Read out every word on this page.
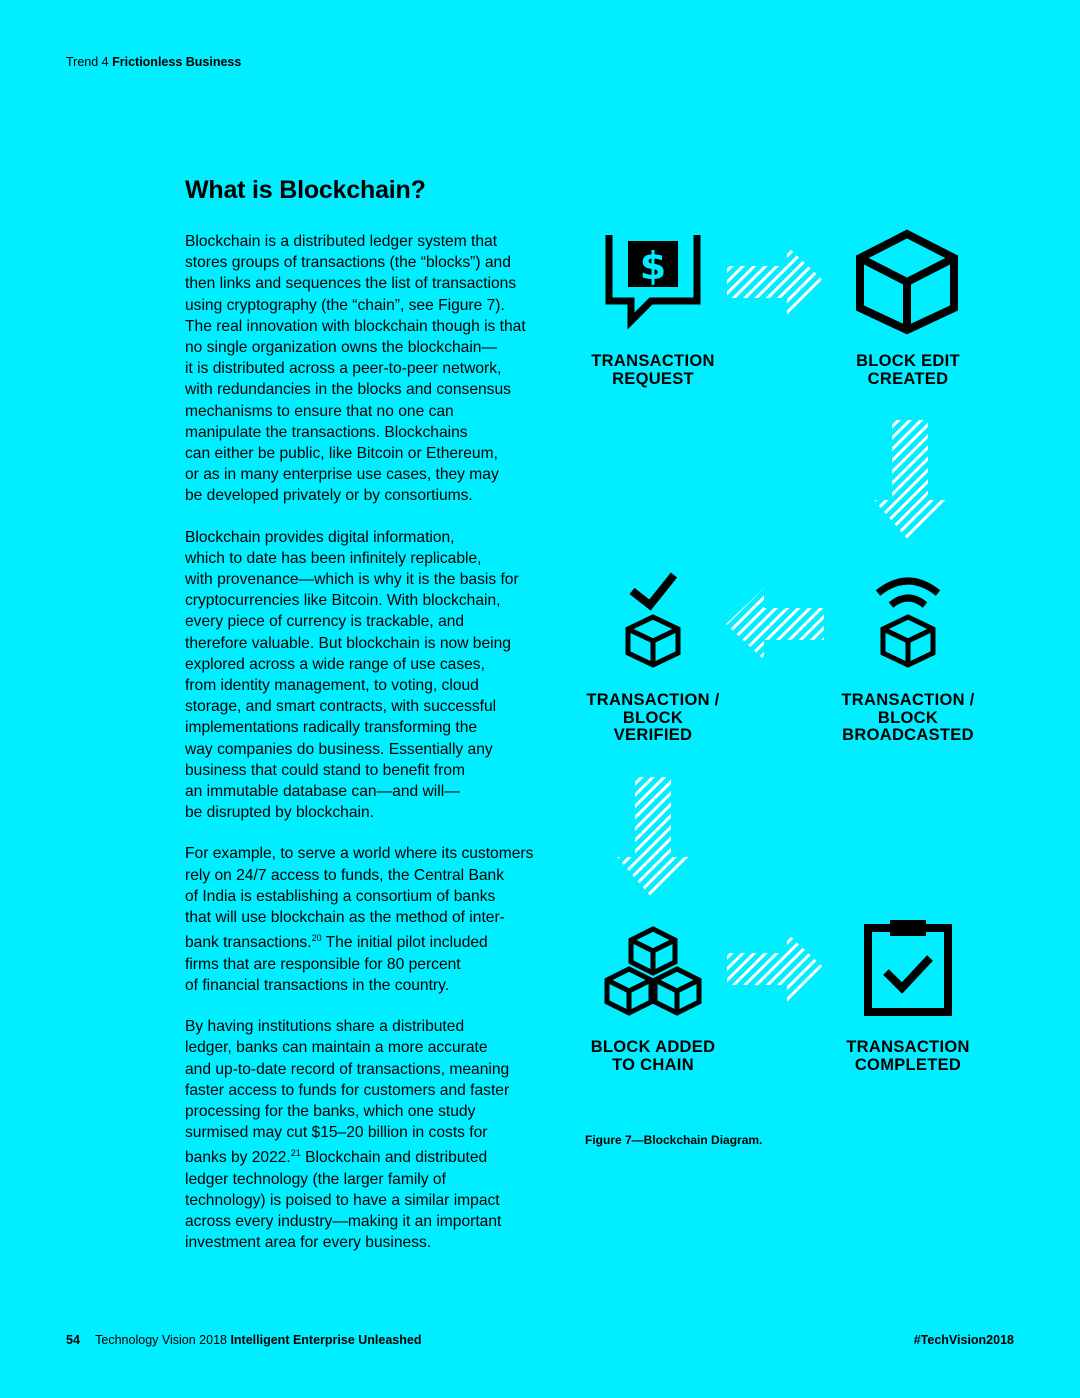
Trend 4 Frictionless Business
What is Blockchain?

Blockchain is a distributed ledger system that
stores groups of transactions (the “blocks”) and
then links and sequences the list of transactions
using cryptography (the “chain”, see Figure 7).
The real innovation with blockchain though is that
no single organization owns the blockchain—
it is distributed across a peer-to-peer network,
with redundancies in the blocks and consensus
mechanisms to ensure that no one can
manipulate the transactions. Blockchains
can either be public, like Bitcoin or Ethereum,
or as in many enterprise use cases, they may
be developed privately or by consortiums.

Blockchain provides digital information,
which to date has been infinitely replicable,
with provenance—which is why it is the basis for
cryptocurrencies like Bitcoin. With blockchain,
every piece of currency is trackable, and
therefore valuable. But blockchain is now being
explored across a wide range of use cases,
from identity management, to voting, cloud
storage, and smart contracts, with successful
implementations radically transforming the
way companies do business. Essentially any
business that could stand to benefit from
an immutable database can—and will—
be disrupted by blockchain.

For example, to serve a world where its customers
rely on 24/7 access to funds, the Central Bank
of India is establishing a consortium of banks
that will use blockchain as the method of inter-
bank transactions.$^{20}$ The initial pilot included
firms that are responsible for 80 percent
of financial transactions in the country.

By having institutions share a distributed
ledger, banks can maintain a more accurate
and up-to-date record of transactions, meaning
faster access to funds for customers and faster
processing for the banks, which one study
surmised may cut $15–20 billion in costs for
banks by 2022.21 Blockchain and distributed
ledger technology (the larger family of
technology) is poised to have a similar impact
across every industry—making it an important
investment area for every business.

$
TRANSACTION
REQUEST
BLOCK EDIT
CREATED
TRANSACTION /
BLOCK
BROADCASTED
TRANSACTION /
BLOCK
VERIFIED
BLOCK ADDED
TO CHAIN
TRANSACTION
COMPLETED
Figure 7—Blockchain Diagram.
54 Technology Vision 2018 Intelligent Enterprise Unleashed	#TechVision2018
